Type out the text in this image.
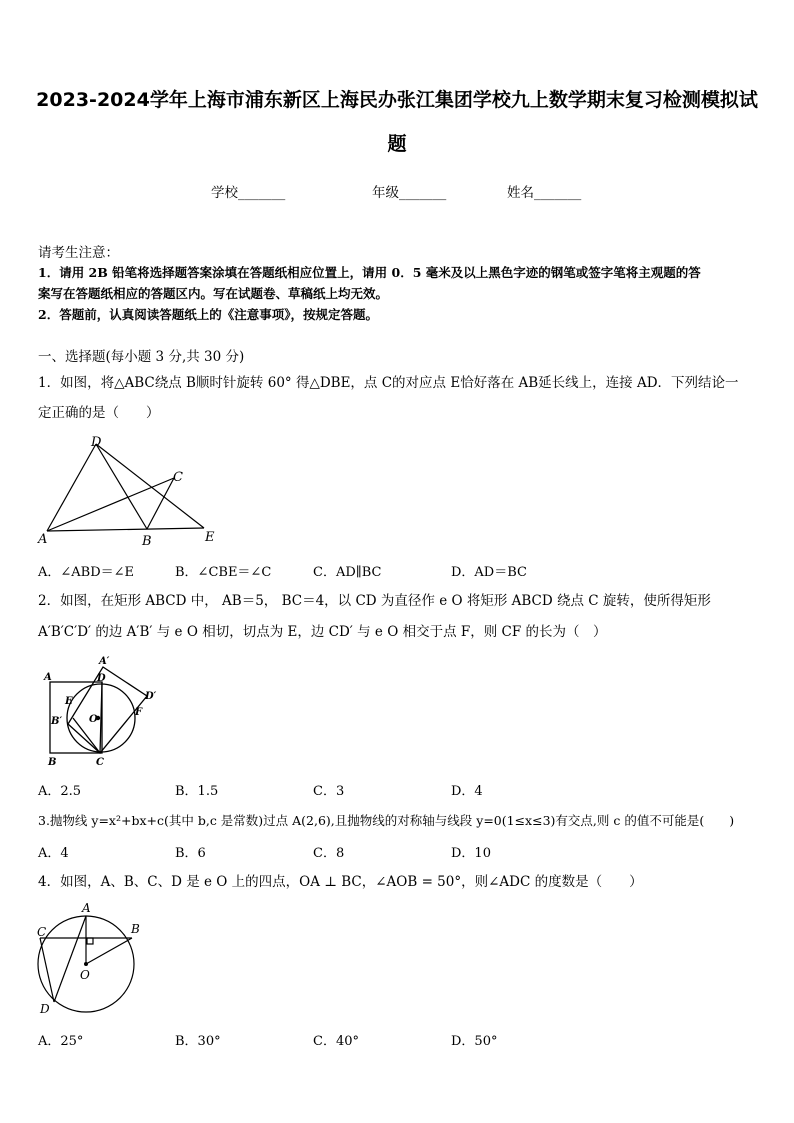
2023-2024学年上海市浦东新区上海民办张江集团学校九上数学期末复习检测模拟试
题
学校_______	年级_______	姓名_______
请考生注意：
1．请用 2B 铅笔将选择题答案涂填在答题纸相应位置上，请用 0．5 毫米及以上黑色字迹的钢笔或签字笔将主观题的答
案写在答题纸相应的答题区内。写在试题卷、草稿纸上均无效。
2．答题前，认真阅读答题纸上的《注意事项》，按规定答题。
一、选择题(每小题 3 分,共 30 分)
1．如图，将△ABC绕点 B顺时针旋转 60° 得△DBE，点 C的对应点 E恰好落在 AB延长线上，连接 AD．下列结论一
定正确的是（　　）
D
C
A	B	E
A．∠ABD＝∠E	B．∠CBE＝∠C	C．AD∥BC	D．AD＝BC
2．如图，在矩形 ABCD 中， AB＝5， BC＝4，以 CD 为直径作 e O 将矩形 ABCD 绕点 C 旋转，使所得矩形
A′B′C′D′ 的边 A′B′ 与 e O 相切，切点为 E，边 CD′ 与 e O 相交于点 F，则 CF 的长为（　）
A′
A	D
D′
E
F
B′	O
B	C
A．2.5	B．1.5	C．3	D．4
3.抛物线 y=x²+bx+c(其中 b,c 是常数)过点 A(2,6),且抛物线的对称轴与线段 y=0(1≤x≤3)有交点,则 c 的值不可能是(　　)
A．4	B．6	C．8	D．10
4．如图，A、B、C、D 是 e O 上的四点，OA ⊥ BC，∠AOB = 50°，则∠ADC 的度数是（　　）
A
B
C
O
D
A．25°	B．30°	C．40°	D．50°
